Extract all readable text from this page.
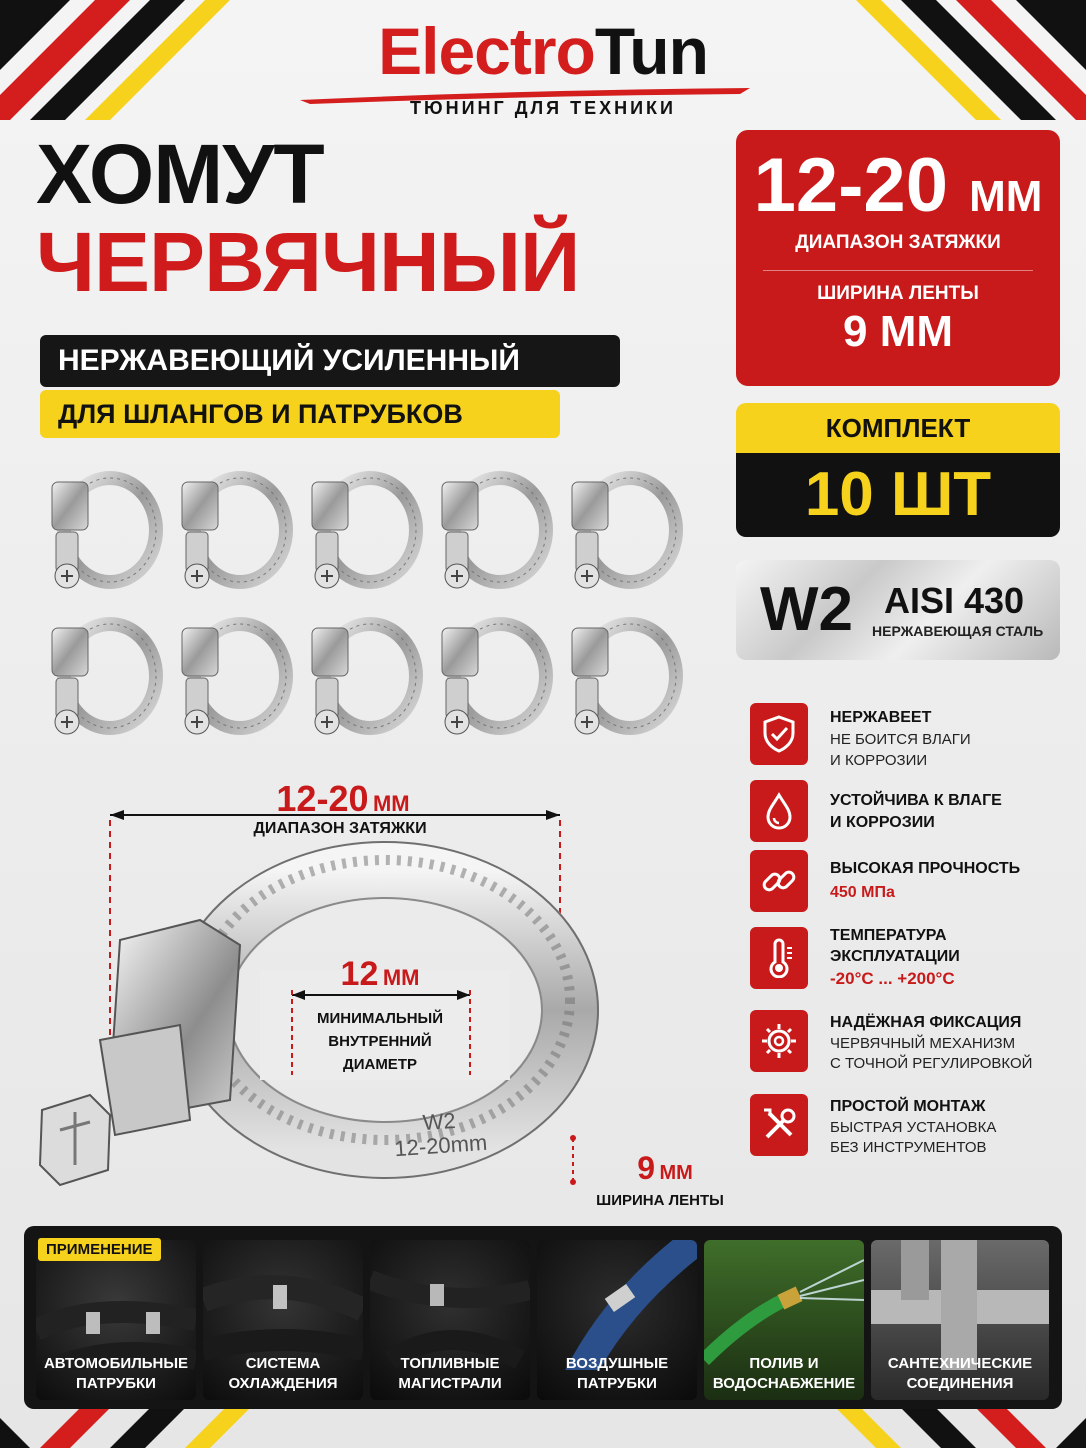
ElectroTun
ТЮНИНГ ДЛЯ ТЕХНИКИ
ХОМУТ
ЧЕРВЯЧНЫЙ
НЕРЖАВЕЮЩИЙ УСИЛЕННЫЙ
ДЛЯ ШЛАНГОВ И ПАТРУБКОВ
12-20 ММ
ДИАПАЗОН ЗАТЯЖКИ
ШИРИНА ЛЕНТЫ
9 ММ
КОМПЛЕКТ
10 ШТ
W2 AISI 430
НЕРЖАВЕЮЩАЯ СТАЛЬ
НЕРЖАВЕЕТ
НЕ БОИТСЯ ВЛАГИ
И КОРРОЗИИ
УСТОЙЧИВА К ВЛАГЕ
И КОРРОЗИИ
ВЫСОКАЯ ПРОЧНОСТЬ
450 МПа
ТЕМПЕРАТУРА
ЭКСПЛУАТАЦИИ
-20°C ... +200°C
НАДЁЖНАЯ ФИКСАЦИЯ
ЧЕРВЯЧНЫЙ МЕХАНИЗМ
С ТОЧНОЙ РЕГУЛИРОВКОЙ
ПРОСТОЙ МОНТАЖ
БЫСТРАЯ УСТАНОВКА
БЕЗ ИНСТРУМЕНТОВ
12-20 ММ
ДИАПАЗОН ЗАТЯЖКИ
12 ММ
МИНИМАЛЬНЫЙ
ВНУТРЕННИЙ
ДИАМЕТР
W2
12-20mm
9 ММ
ШИРИНА ЛЕНТЫ
АВТОМОБИЛЬНЫЕ
ПАТРУБКИ
ПРИМЕНЕНИЕ
СИСТЕМА
ОХЛАЖДЕНИЯ
ТОПЛИВНЫЕ
МАГИСТРАЛИ
ВОЗДУШНЫЕ
ПАТРУБКИ
ПОЛИВ И
ВОДОСНАБЖЕНИЕ
САНТЕХНИЧЕСКИЕ
СОЕДИНЕНИЯ
